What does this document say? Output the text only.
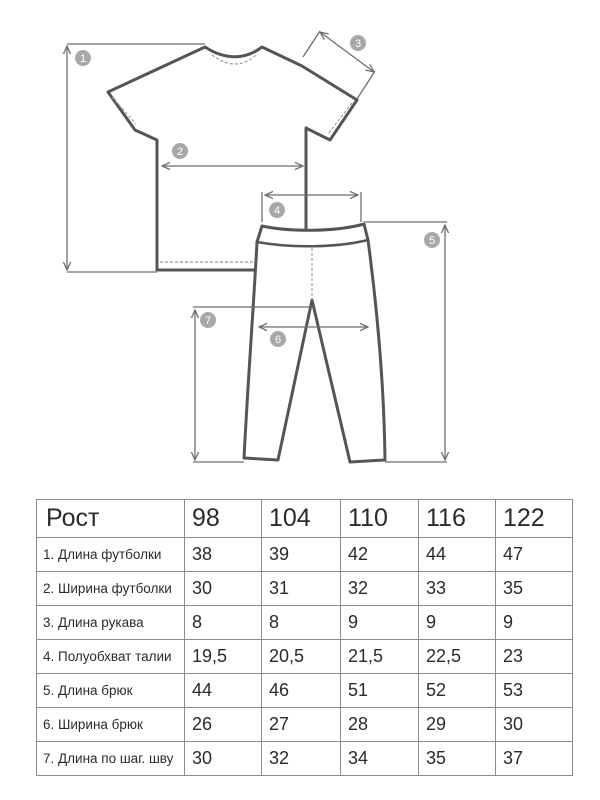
1
2
3
4
5
6
7
Рост	98	104	110	116	122
1. Длина футболки	38	39	42	44	47
2. Ширина футболки	30	31	32	33	35
3. Длина рукава	8	8	9	9	9
4. Полуобхват талии	19,5	20,5	21,5	22,5	23
5. Длина брюк	44	46	51	52	53
6. Ширина брюк	26	27	28	29	30
7. Длина по шаг. шву	30	32	34	35	37
